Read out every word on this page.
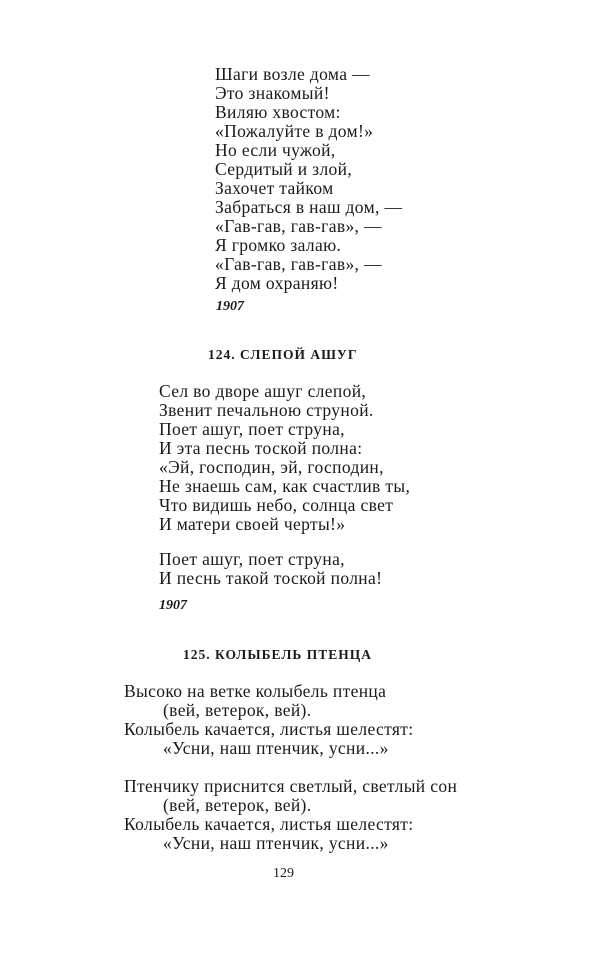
Шаги возле дома —

Это знакомый!

Виляю хвостом:

«Пожалуйте в дом!»

Но если чужой,

Сердитый и злой,

Захочет тайком

Забраться в наш дом, —

«Гав-гав, гав-гав», —

Я громко залаю.

«Гав-гав, гав-гав», —

Я дом охраняю!

1907

124. СЛЕПОЙ АШУГ

Сел во дворе ашуг слепой,

Звенит печальною струной.

Поет ашуг, поет струна,

И эта песнь тоской полна:

«Эй, господин, эй, господин,

Не знаешь сам, как счастлив ты,

Что видишь небо, солнца свет

И матери своей черты!»

Поет ашуг, поет струна,

И песнь такой тоской полна!

1907

125. КОЛЫБЕЛЬ ПТЕНЦА

Высоко на ветке колыбель птенца

(вей, ветерок, вей).

Колыбель качается, листья шелестят:

«Усни, наш птенчик, усни...»

Птенчику приснится светлый, светлый сон

(вей, ветерок, вей).

Колыбель качается, листья шелестят:

«Усни, наш птенчик, усни...»

129
